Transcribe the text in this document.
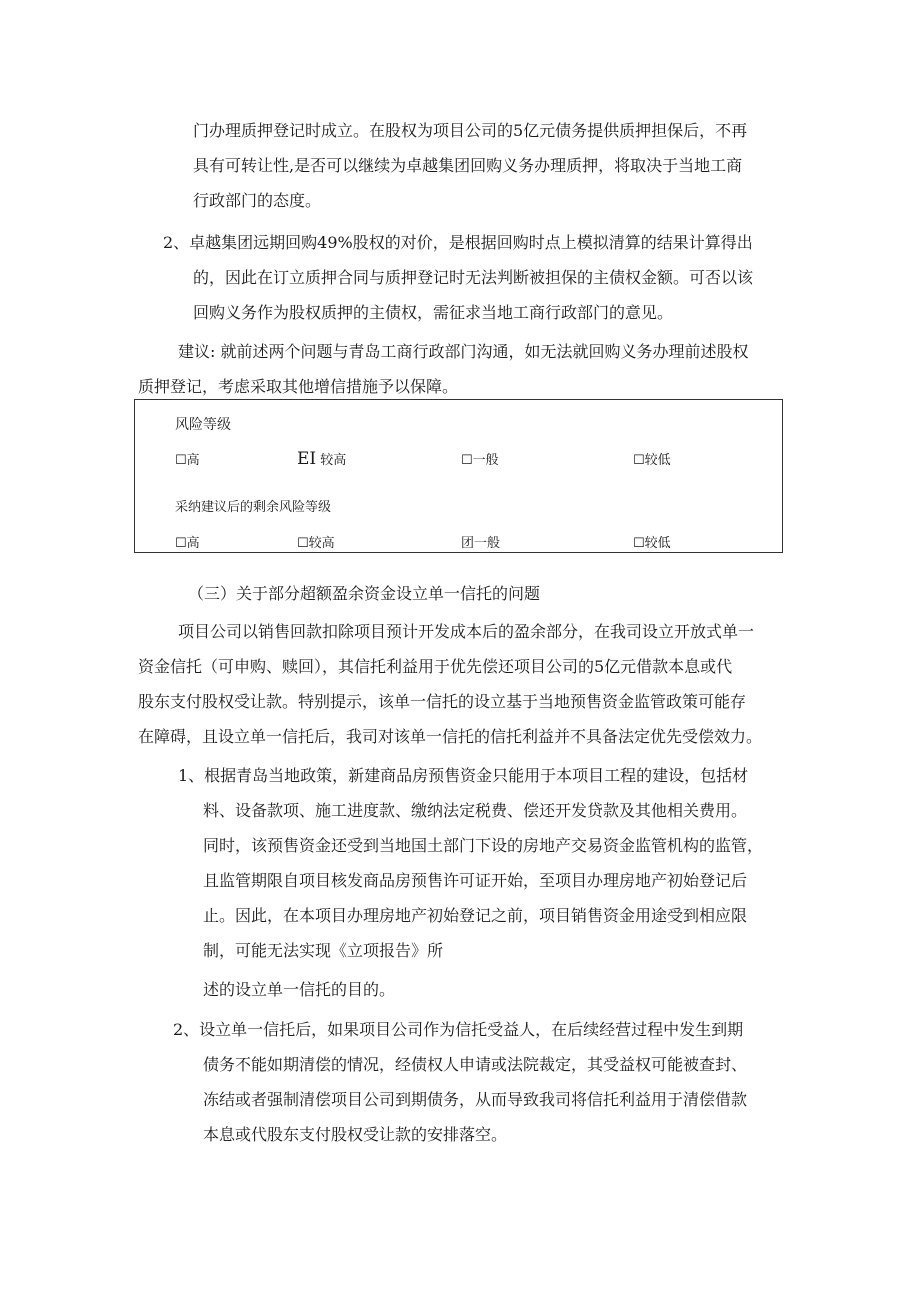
门办理质押登记时成立。在股权为项目公司的5亿元债务提供质押担保后，不再

具有可转让性,是否可以继续为卓越集团回购义务办理质押，将取决于当地工商

行政部门的态度。

2、卓越集团远期回购49%股权的对价，是根据回购时点上模拟清算的结果计算得出

的，因此在订立质押合同与质押登记时无法判断被担保的主债权金额。可否以该

回购义务作为股权质押的主债权，需征求当地工商行政部门的意见。

建议: 就前述两个问题与青岛工商行政部门沟通，如无法就回购义务办理前述股权

质押登记，考虑采取其他增信措施予以保障。

风险等级
☐高	EI 较高	☐一般	☐较低
采纳建议后的剩余风险等级
☐高	☐较高	团一般	☐较低

（三）关于部分超额盈余资金设立单一信托的问题

项目公司以销售回款扣除项目预计开发成本后的盈余部分，在我司设立开放式单一

资金信托（可申购、赎回），其信托利益用于优先偿还项目公司的5亿元借款本息或代

股东支付股权受让款。特别提示，该单一信托的设立基于当地预售资金监管政策可能存

在障碍，且设立单一信托后，我司对该单一信托的信托利益并不具备法定优先受偿效力。

1、根据青岛当地政策，新建商品房预售资金只能用于本项目工程的建设，包括材

料、设备款项、施工进度款、缴纳法定税费、偿还开发贷款及其他相关费用。

同时，该预售资金还受到当地国土部门下设的房地产交易资金监管机构的监管，

且监管期限自项目核发商品房预售许可证开始，至项目办理房地产初始登记后

止。因此，在本项目办理房地产初始登记之前，项目销售资金用途受到相应限

制，可能无法实现《立项报告》所

述的设立单一信托的目的。

2、设立单一信托后，如果项目公司作为信托受益人，在后续经营过程中发生到期

债务不能如期清偿的情况，经债权人申请或法院裁定，其受益权可能被查封、

冻结或者强制清偿项目公司到期债务，从而导致我司将信托利益用于清偿借款

本息或代股东支付股权受让款的安排落空。
